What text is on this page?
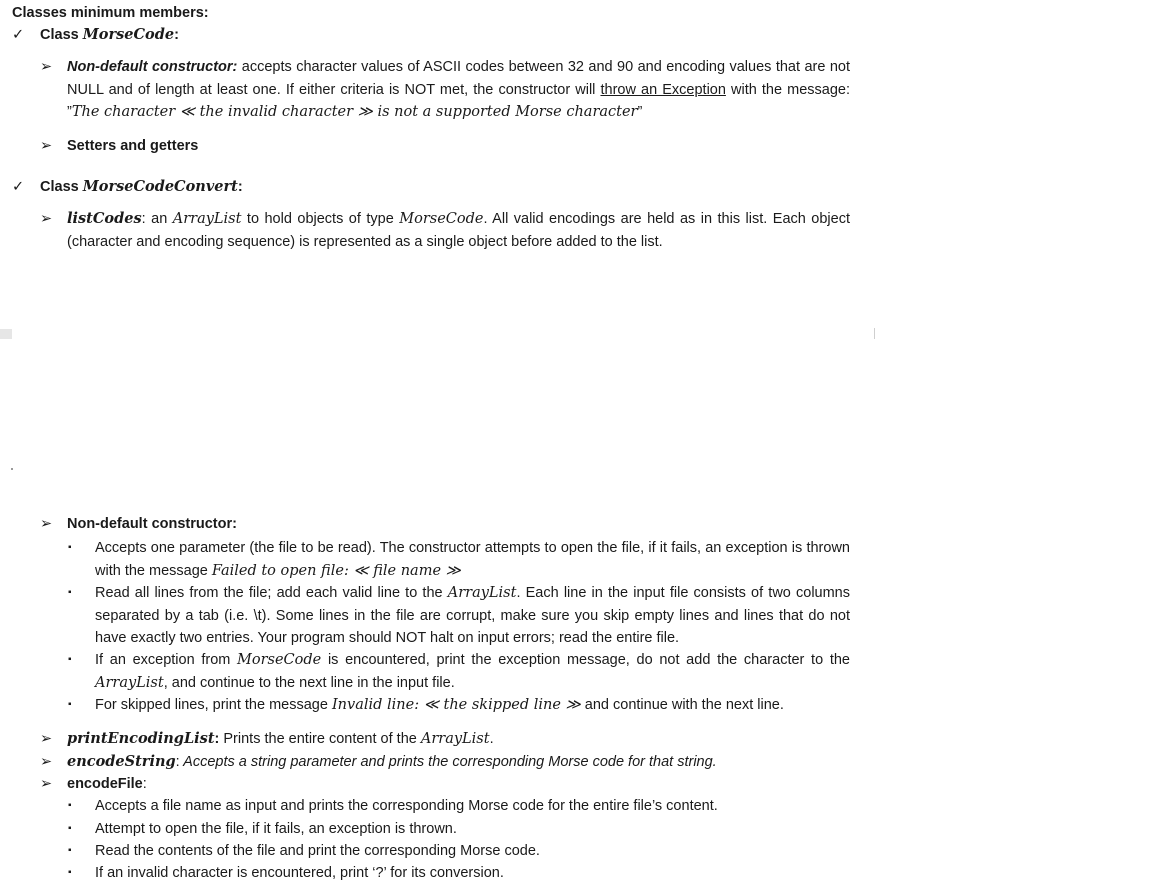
Classes minimum members:
✓ Class MorseCode:
➢ Non-default constructor: accepts character values of ASCII codes between 32 and 90 and encoding values that are not NULL and of length at least one. If either criteria is NOT met, the constructor will throw an Exception with the message: ”The character ≪ the invalid character ≫ is not a supported Morse character”
➢ Setters and getters
✓ Class MorseCodeConvert:
➢ listCodes: an ArrayList to hold objects of type MorseCode. All valid encodings are held as in this list. Each object (character and encoding sequence) is represented as a single object before added to the list.
➢ Non-default constructor:
▪ Accepts one parameter (the file to be read). The constructor attempts to open the file, if it fails, an exception is thrown with the message Failed to open file: ≪ file name ≫
▪ Read all lines from the file; add each valid line to the ArrayList. Each line in the input file consists of two columns separated by a tab (i.e. \t). Some lines in the file are corrupt, make sure you skip empty lines and lines that do not have exactly two entries. Your program should NOT halt on input errors; read the entire file.
▪ If an exception from MorseCode is encountered, print the exception message, do not add the character to the ArrayList, and continue to the next line in the input file.
▪ For skipped lines, print the message Invalid line: ≪ the skipped line ≫ and continue with the next line.
➢ printEncodingList: Prints the entire content of the ArrayList.
➢ encodeString: Accepts a string parameter and prints the corresponding Morse code for that string.
➢ encodeFile:
▪ Accepts a file name as input and prints the corresponding Morse code for the entire file’s content.
▪ Attempt to open the file, if it fails, an exception is thrown.
▪ Read the contents of the file and print the corresponding Morse code.
▪ If an invalid character is encountered, print ‘?’ for its conversion.
